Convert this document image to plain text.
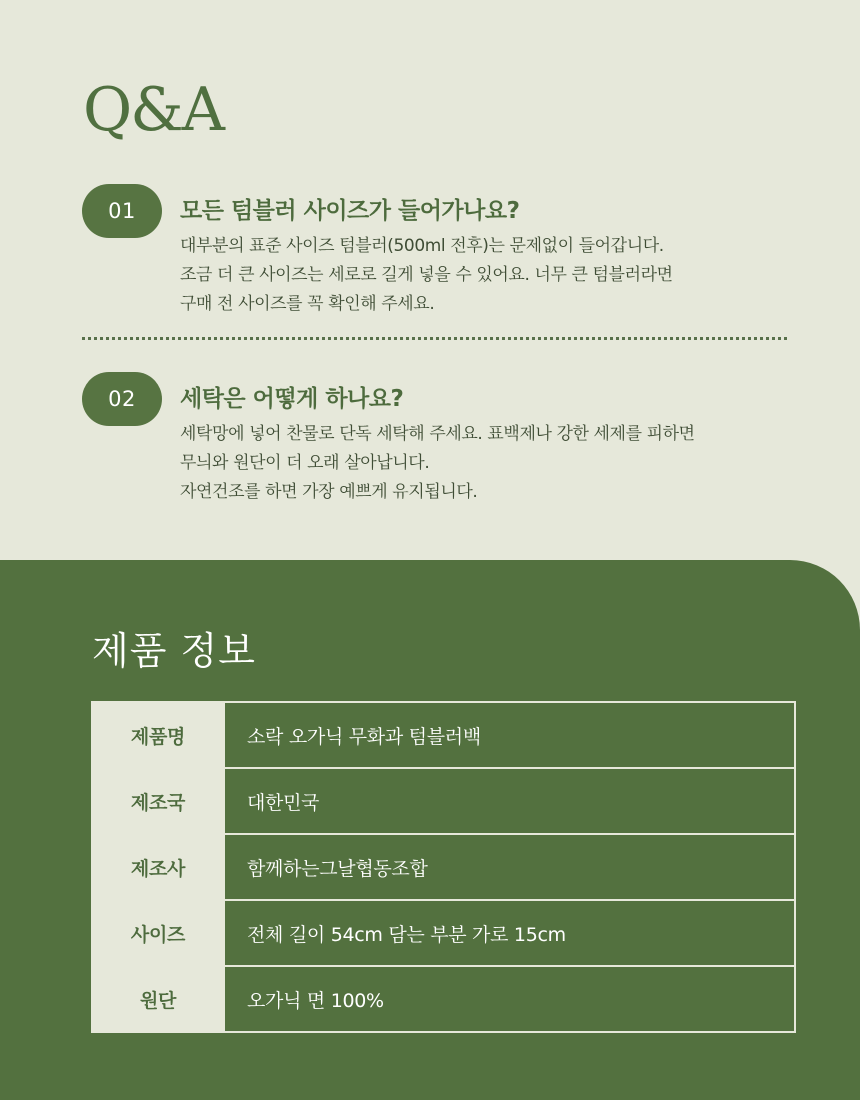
Q&A
01	모든 텀블러 사이즈가 들어가나요?

대부분의 표준 사이즈 텀블러(500ml 전후)는 문제없이 들어갑니다.
조금 더 큰 사이즈는 세로로 길게 넣을 수 있어요. 너무 큰 텀블러라면
구매 전 사이즈를 꼭 확인해 주세요.

02	세탁은 어떻게 하나요?

세탁망에 넣어 찬물로 단독 세탁해 주세요. 표백제나 강한 세제를 피하면
무늬와 원단이 더 오래 살아납니다.
자연건조를 하면 가장 예쁘게 유지됩니다.

제품 정보
제품명	소락 오가닉 무화과 텀블러백
제조국	대한민국
제조사	함께하는그날협동조합
사이즈	전체 길이 54cm 담는 부분 가로 15cm
원단	오가닉 면 100%
